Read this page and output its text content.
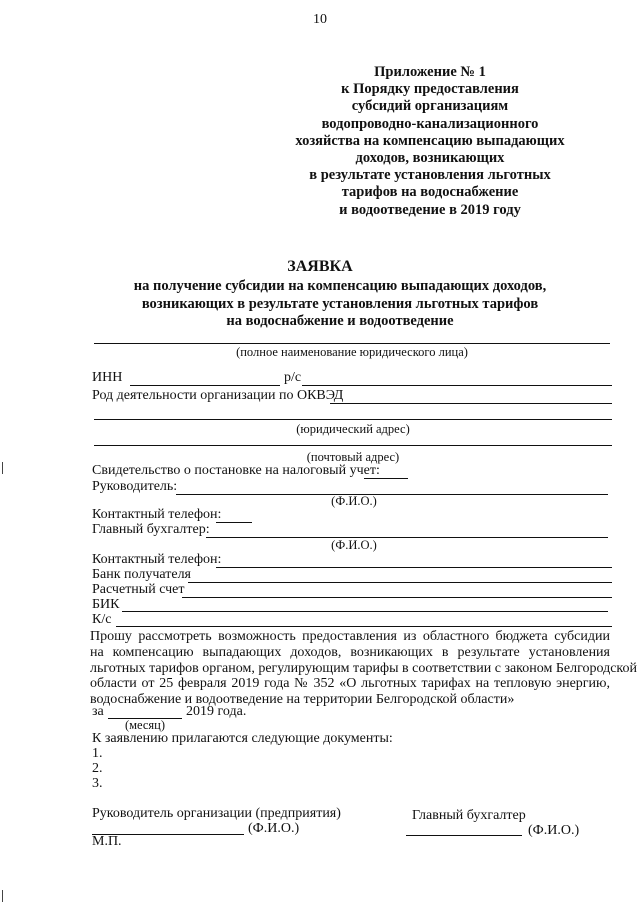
10
Приложение № 1
к Порядку предоставления
субсидий организациям
водопроводно-канализационного
хозяйства на компенсацию выпадающих
доходов, возникающих
в результате установления льготных
тарифов на водоснабжение
и водоотведение в 2019 году
ЗАЯВКА
на получение субсидии на компенсацию выпадающих доходов,
возникающих в результате установления льготных тарифов
на водоснабжение и водоотведение
(полное наименование юридического лица)
ИНН	р/с
Род деятельности организации по ОКВЭД
(юридический адрес)
(почтовый адрес)
Свидетельство о постановке на налоговый учет:
Руководитель:
(Ф.И.О.)
Контактный телефон:
Главный бухгалтер:
(Ф.И.О.)
Контактный телефон:
Банк получателя
Расчетный счет
БИК
К/с
Прошу рассмотреть возможность предоставления из областного бюджета субсидии
на компенсацию выпадающих доходов, возникающих в результате установления
льготных тарифов органом, регулирующим тарифы в соответствии с законом Белгородской
области от 25 февраля 2019 года № 352 «О льготных тарифах на тепловую энергию,
водоснабжение и водоотведение на территории Белгородской области»
за	2019 года.
(месяц)
К заявлению прилагаются следующие документы:
1.
2.
3.
Руководитель организации (предприятия)	Главный бухгалтер
(Ф.И.О.)	(Ф.И.О.)
М.П.
